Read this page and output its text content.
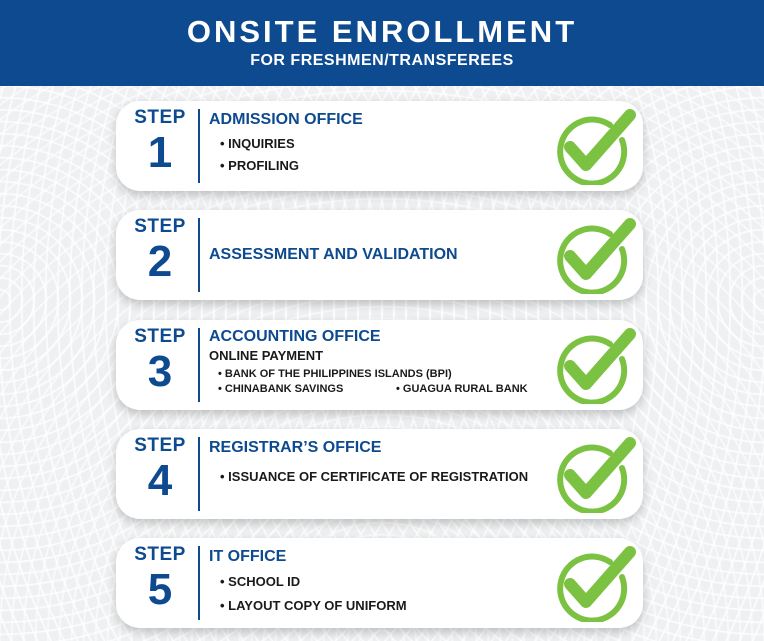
ONSITE ENROLLMENT
FOR FRESHMEN/TRANSFEREES
STEP
1
ADMISSION OFFICE
• INQUIRIES
• PROFILING
STEP
2	ASSESSMENT AND VALIDATION
STEP
3
ACCOUNTING OFFICE
ONLINE PAYMENT
• BANK OF THE PHILIPPINES ISLANDS (BPI)
• CHINABANK SAVINGS
•	GUAGUA RURAL BANK
STEP
4
REGISTRAR’S OFFICE
• ISSUANCE OF CERTIFICATE OF REGISTRATION
STEP
5
IT OFFICE
• SCHOOL ID
• LAYOUT COPY OF UNIFORM
